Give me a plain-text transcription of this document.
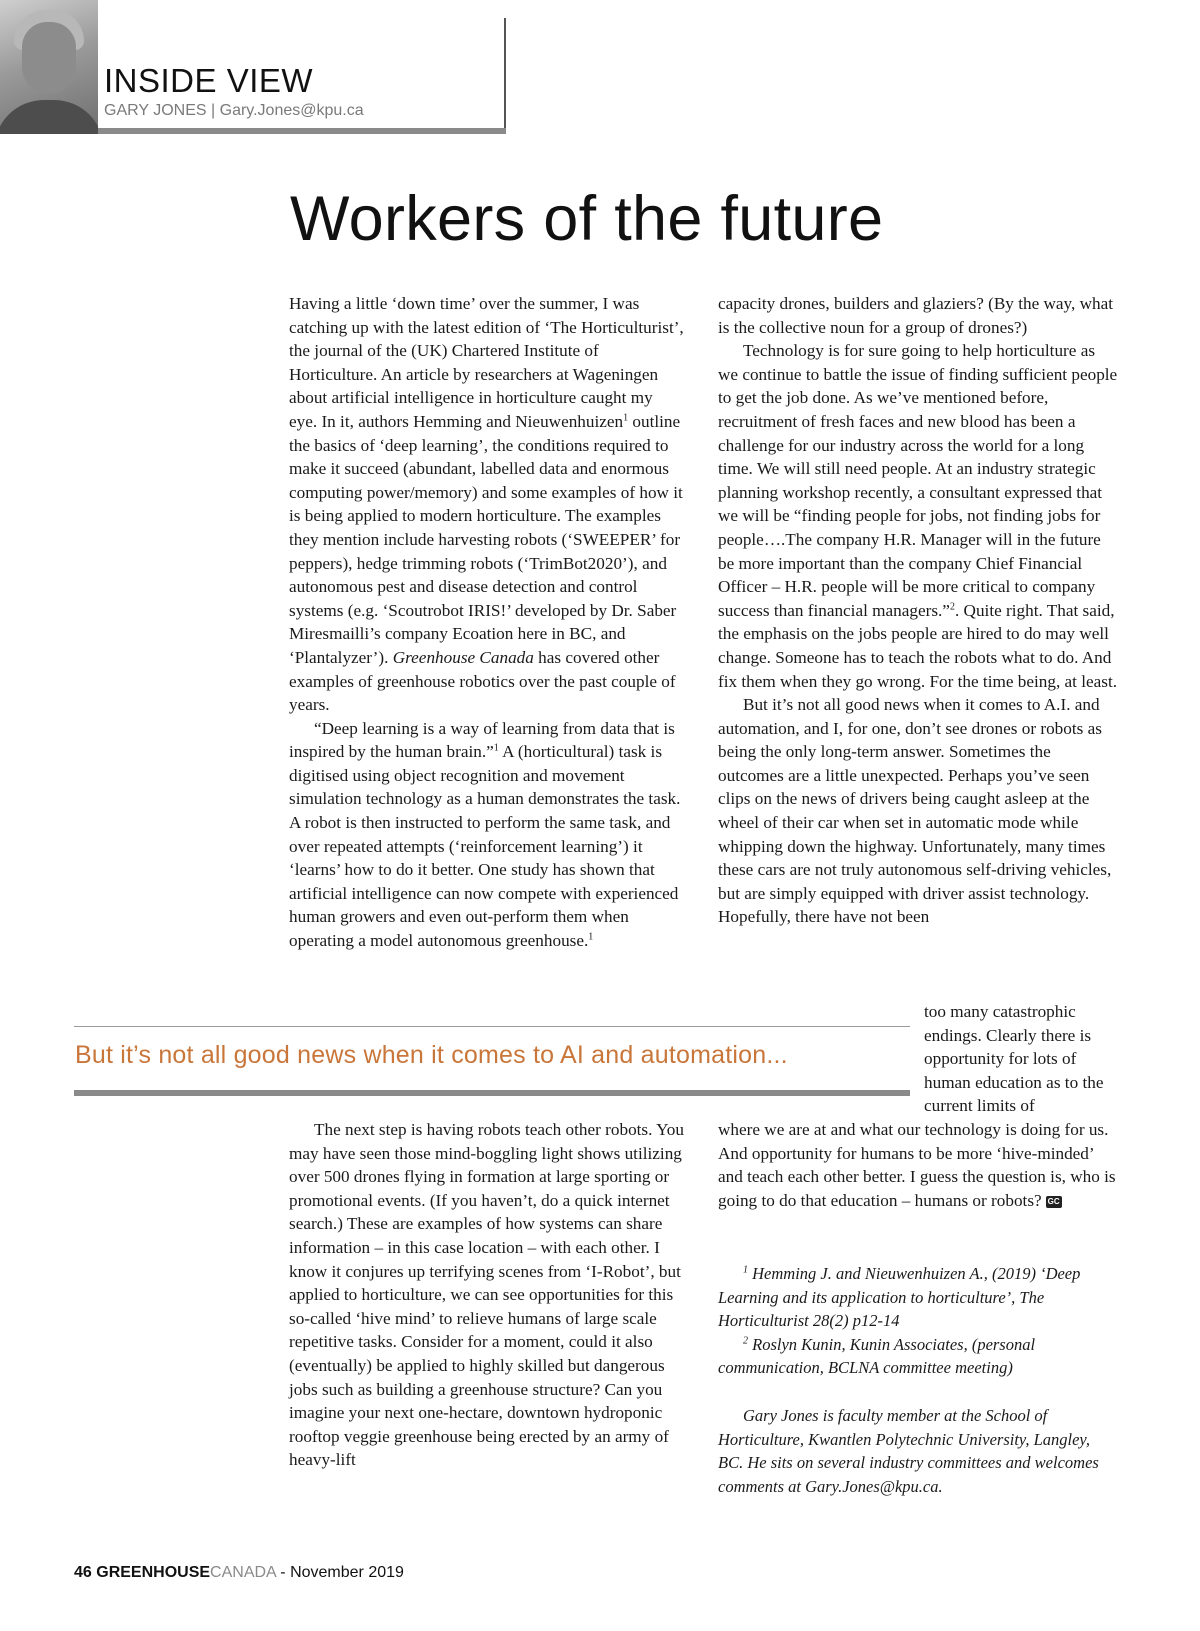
INSIDE VIEW
GARY JONES | Gary.Jones@kpu.ca
Workers of the future

Having a little ‘down time’ over the summer, I was catching up with the latest edition of ‘The Horticulturist’, the journal of the (UK) Chartered Institute of Horticulture. An article by researchers at Wageningen about artificial intelligence in horticulture caught my eye. In it, authors Hemming and Nieuwenhuizen$^1$ outline the basics of ‘deep learning’, the conditions required to make it succeed (abundant, labelled data and enormous computing power/memory) and some examples of how it is being applied to modern horticulture. The examples they mention include harvesting robots (‘SWEEPER’ for peppers), hedge trimming robots (‘TrimBot2020’), and autonomous pest and disease detection and control systems (e.g. ‘Scoutrobot IRIS!’ developed by Dr. Saber Miresmailli’s company Ecoation here in BC, and ‘Plantalyzer’). Greenhouse Canada has covered other examples of greenhouse robotics over the past couple of years.

“Deep learning is a way of learning from data that is inspired by the human brain.”$^1$ A (horticultural) task is digitised using object recognition and movement simulation technology as a human demonstrates the task. A robot is then instructed to perform the same task, and over repeated attempts (‘reinforcement learning’) it ‘learns’ how to do it better. One study has shown that artificial intelligence can now compete with experienced human growers and even out-perform them when operating a model autonomous greenhouse.$^1$

But it’s not all good news when it comes to AI and automation...

The next step is having robots teach other robots. You may have seen those mind-boggling light shows utilizing over 500 drones flying in formation at large sporting or promotional events. (If you haven’t, do a quick internet search.) These are examples of how systems can share information – in this case location – with each other. I know it conjures up terrifying scenes from ‘I-Robot’, but applied to horticulture, we can see opportunities for this so-called ‘hive mind’ to relieve humans of large scale repetitive tasks. Consider for a moment, could it also (eventually) be applied to highly skilled but dangerous jobs such as building a greenhouse structure? Can you imagine your next one-hectare, downtown hydroponic rooftop veggie greenhouse being erected by an army of heavy-lift

capacity drones, builders and glaziers? (By the way, what is the collective noun for a group of drones?)

Technology is for sure going to help horticulture as we continue to battle the issue of finding sufficient people to get the job done. As we’ve mentioned before, recruitment of fresh faces and new blood has been a challenge for our industry across the world for a long time. We will still need people. At an industry strategic planning workshop recently, a consultant expressed that we will be “finding people for jobs, not finding jobs for people….The company H.R. Manager will in the future be more important than the company Chief Financial Officer – H.R. people will be more critical to company success than financial managers.”$^2$. Quite right. That said, the emphasis on the jobs people are hired to do may well change. Someone has to teach the robots what to do. And fix them when they go wrong. For the time being, at least.

But it’s not all good news when it comes to A.I. and automation, and I, for one, don’t see drones or robots as being the only long-term answer. Sometimes the outcomes are a little unexpected. Perhaps you’ve seen clips on the news of drivers being caught asleep at the wheel of their car when set in automatic mode while whipping down the highway. Unfortunately, many times these cars are not truly autonomous self-driving vehicles, but are simply equipped with driver assist technology. Hopefully, there have not been

too many catastrophic endings. Clearly there is opportunity for lots of human education as to the current limits of

where we are at and what our technology is doing for us. And opportunity for humans to be more ‘hive-minded’ and teach each other better. I guess the question is, who is going to do that education – humans or robots? GC

$^1$ Hemming J. and Nieuwenhuizen A., (2019) ‘Deep Learning and its application to horticulture’, The Horticulturist 28(2) p12-14

$^2$ Roslyn Kunin, Kunin Associates, (personal communication, BCLNA committee meeting)

Gary Jones is faculty member at the School of Horticulture, Kwantlen Polytechnic University, Langley, BC. He sits on several industry committees and welcomes comments at Gary.Jones@kpu.ca.

46 GREENHOUSECANADA - November 2019
